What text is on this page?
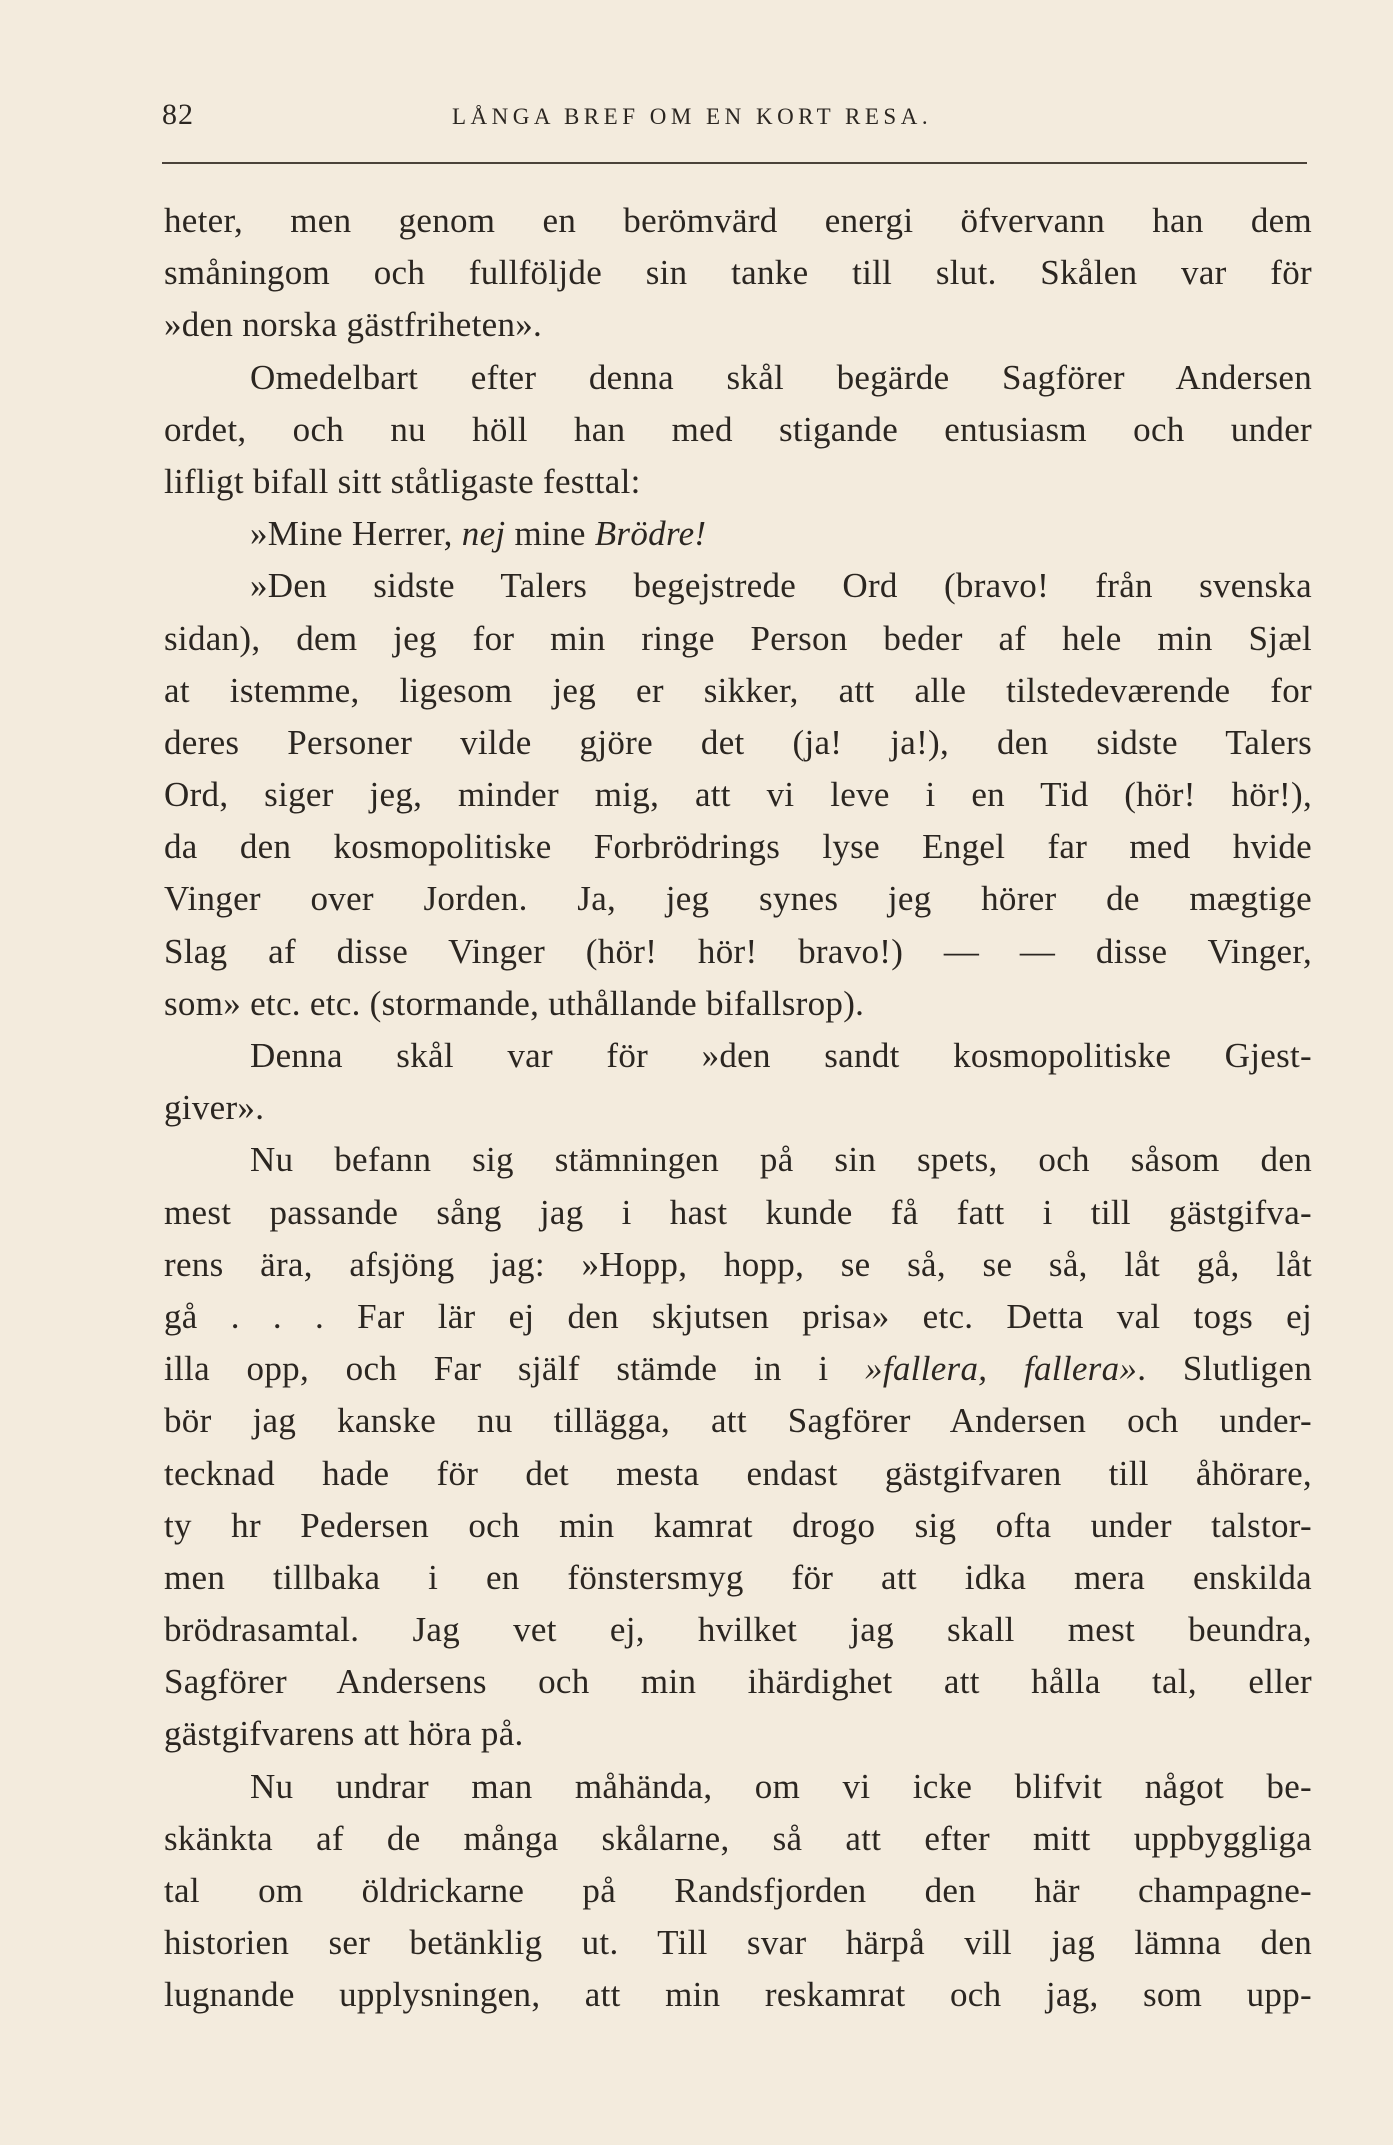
82	LÅNGA BREF OM EN KORT RESA.
heter, men genom en berömvärd energi öfvervann han dem
småningom och fullföljde sin tanke till slut. Skålen var för
»den norska gästfriheten».
Omedelbart efter denna skål begärde Sagförer Andersen
ordet, och nu höll han med stigande entusiasm och under
lifligt bifall sitt ståtligaste festtal:
»Mine Herrer, nej mine Brödre!
»Den sidste Talers begejstrede Ord (bravo! från svenska
sidan), dem jeg for min ringe Person beder af hele min Sjæl
at istemme, ligesom jeg er sikker, att alle tilstedeværende for
deres Personer vilde gjöre det (ja! ja!), den sidste Talers
Ord, siger jeg, minder mig, att vi leve i en Tid (hör! hör!),
da den kosmopolitiske Forbrödrings lyse Engel far med hvide
Vinger over Jorden. Ja, jeg synes jeg hörer de mægtige
Slag af disse Vinger (hör! hör! bravo!) — — disse Vinger,
som» etc. etc. (stormande, uthållande bifallsrop).
Denna skål var för »den sandt kosmopolitiske Gjest-
giver».
Nu befann sig stämningen på sin spets, och såsom den
mest passande sång jag i hast kunde få fatt i till gästgifva-
rens ära, afsjöng jag: »Hopp, hopp, se så, se så, låt gå, låt
gå . . . Far lär ej den skjutsen prisa» etc. Detta val togs ej
illa opp, och Far själf stämde in i »fallera, fallera». Slutligen
bör jag kanske nu tillägga, att Sagförer Andersen och under-
tecknad hade för det mesta endast gästgifvaren till åhörare,
ty hr Pedersen och min kamrat drogo sig ofta under talstor-
men tillbaka i en fönstersmyg för att idka mera enskilda
brödrasamtal. Jag vet ej, hvilket jag skall mest beundra,
Sagförer Andersens och min ihärdighet att hålla tal, eller
gästgifvarens att höra på.
Nu undrar man måhända, om vi icke blifvit något be-
skänkta af de många skålarne, så att efter mitt uppbyggliga
tal om öldrickarne på Randsfjorden den här champagne-
historien ser betänklig ut. Till svar härpå vill jag lämna den
lugnande upplysningen, att min reskamrat och jag, som upp-
